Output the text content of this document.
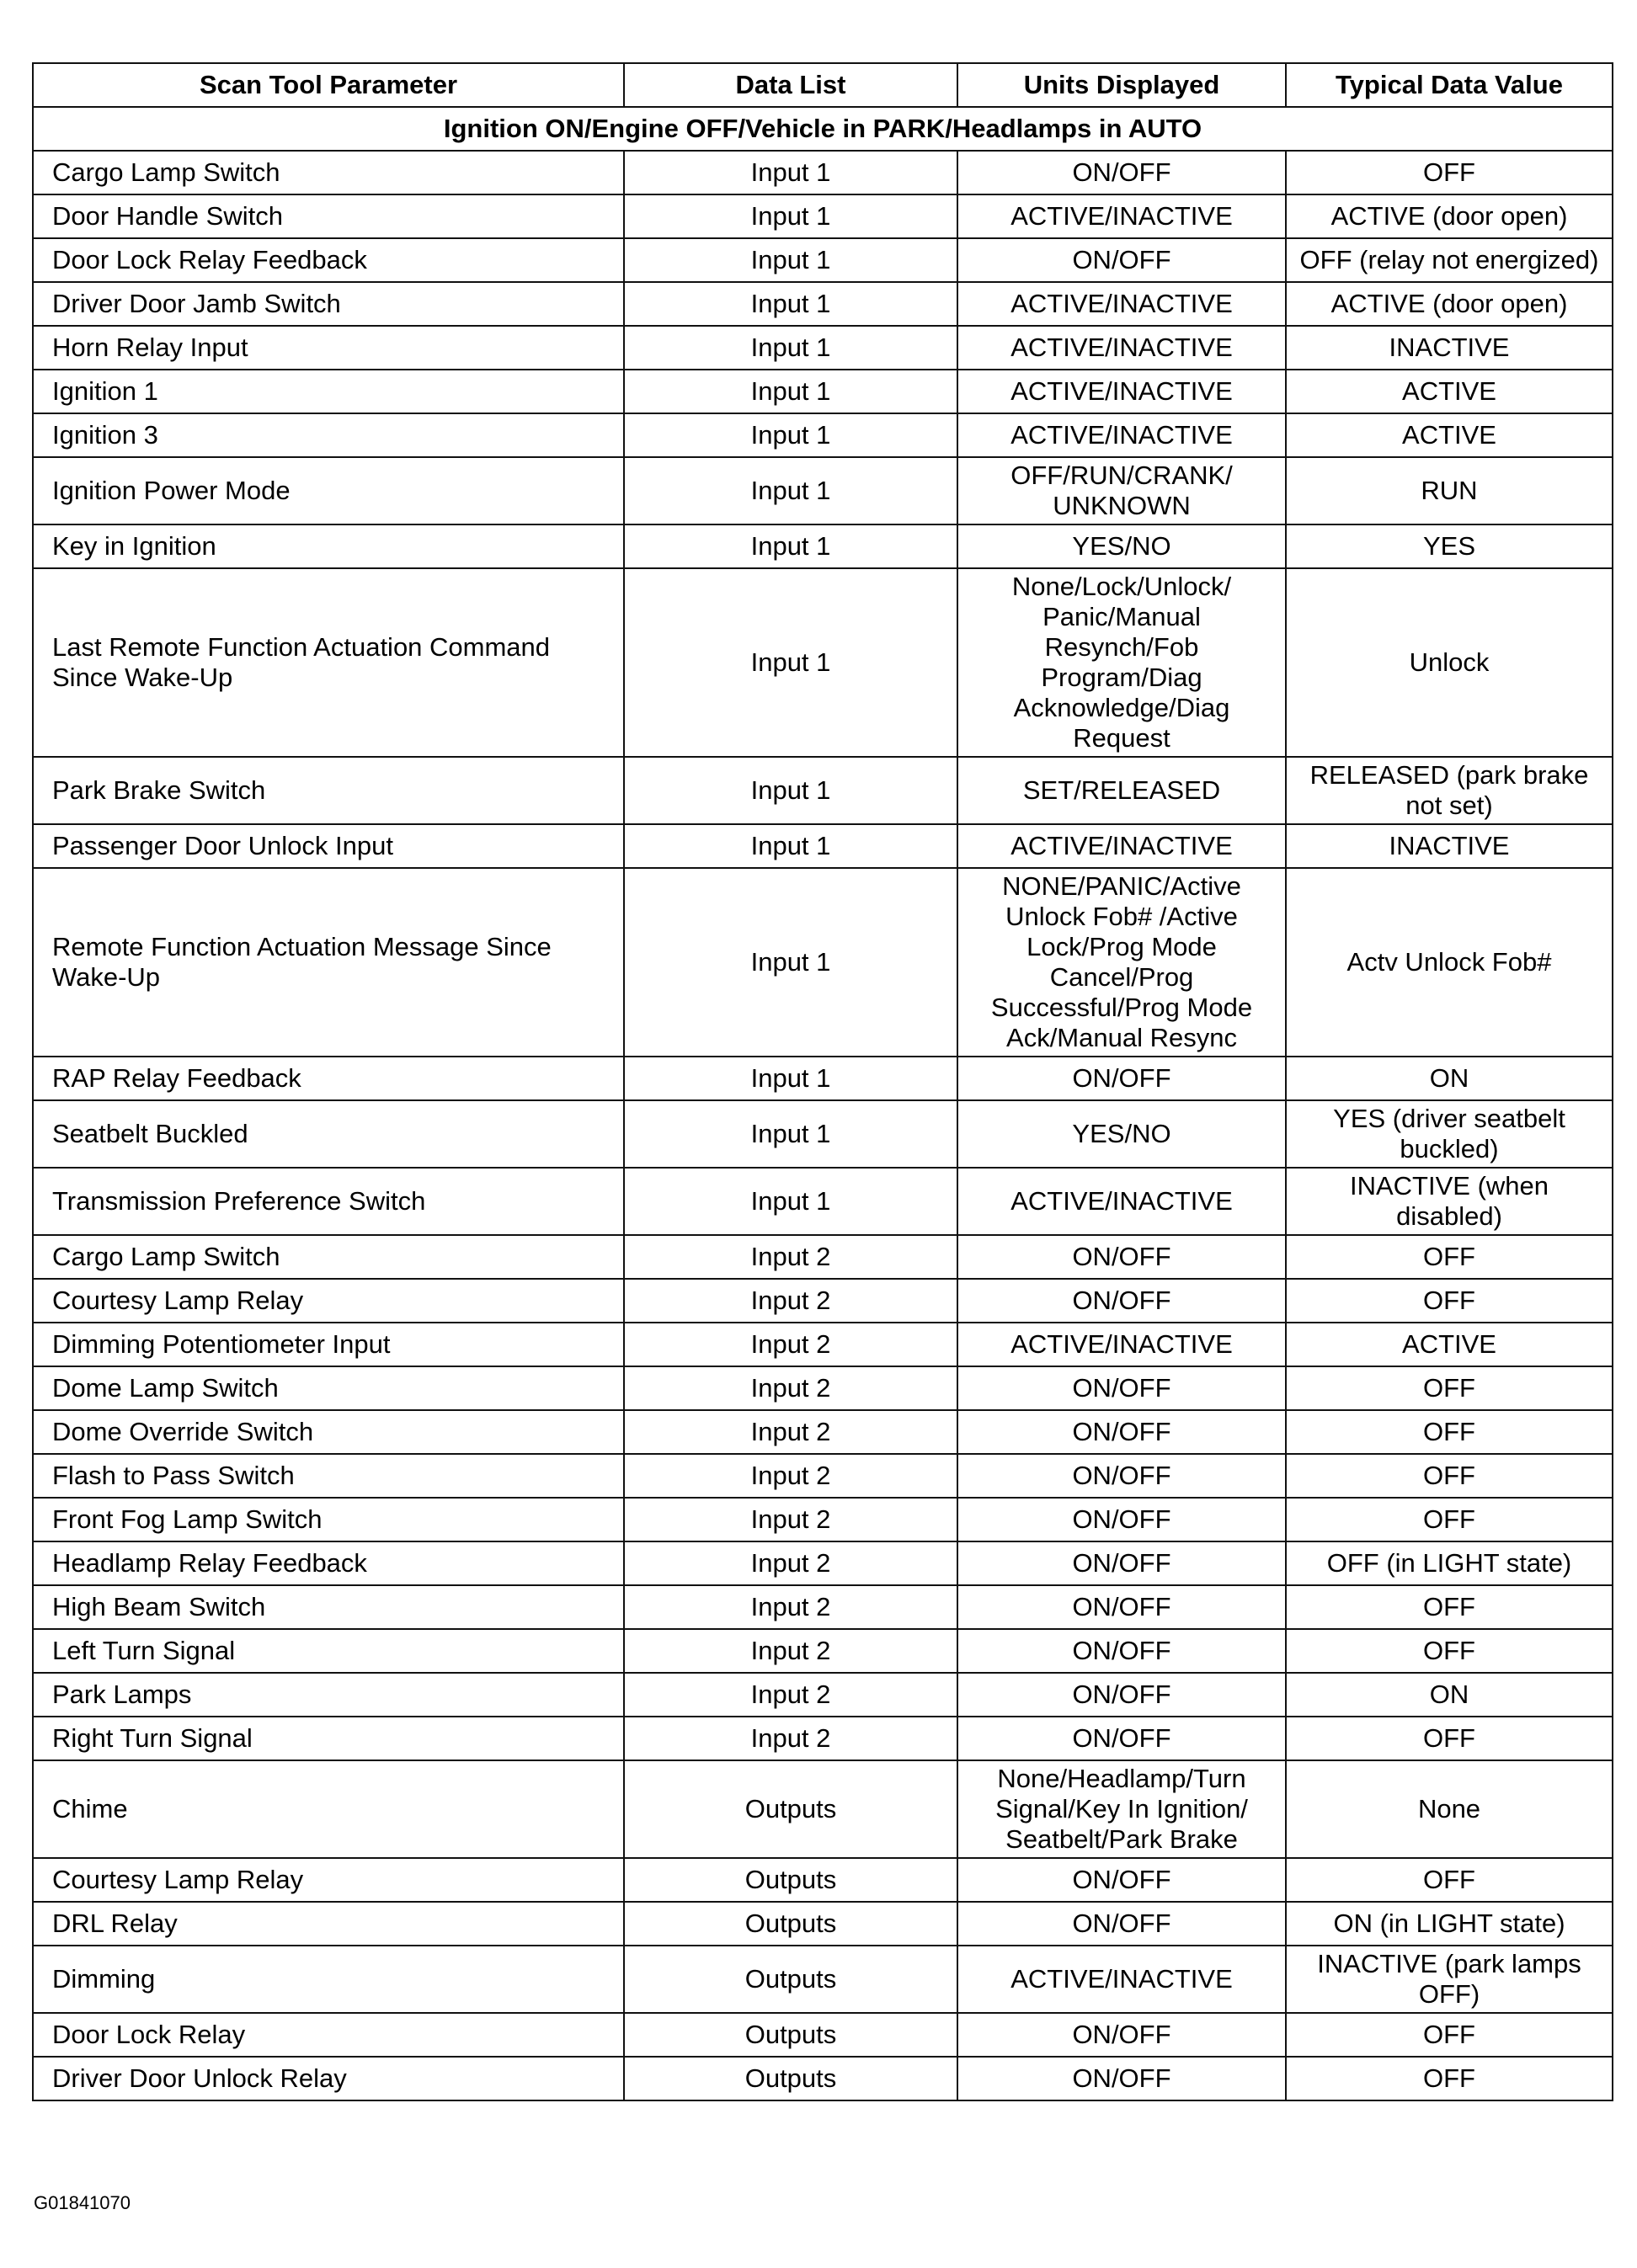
Scan Tool Parameter	Data List	Units Displayed	Typical Data Value
Ignition ON/Engine OFF/Vehicle in PARK/Headlamps in AUTO			
Cargo Lamp Switch	Input 1	ON/OFF	OFF
Door Handle Switch	Input 1	ACTIVE/INACTIVE	ACTIVE (door open)
Door Lock Relay Feedback	Input 1	ON/OFF	OFF (relay not energized)
Driver Door Jamb Switch	Input 1	ACTIVE/INACTIVE	ACTIVE (door open)
Horn Relay Input	Input 1	ACTIVE/INACTIVE	INACTIVE
Ignition 1	Input 1	ACTIVE/INACTIVE	ACTIVE
Ignition 3	Input 1	ACTIVE/INACTIVE	ACTIVE
Ignition Power Mode	Input 1	OFF/RUN/CRANK/ UNKNOWN	RUN
Key in Ignition	Input 1	YES/NO	YES
Last Remote Function Actuation Command Since Wake-Up	Input 1	None/Lock/Unlock/ Panic/Manual Resynch/Fob Program/Diag Acknowledge/Diag Request	Unlock
Park Brake Switch	Input 1	SET/RELEASED	RELEASED (park brake not set)
Passenger Door Unlock Input	Input 1	ACTIVE/INACTIVE	INACTIVE
Remote Function Actuation Message Since Wake-Up	Input 1	NONE/PANIC/Active Unlock Fob# /Active Lock/Prog Mode Cancel/Prog Successful/Prog Mode Ack/Manual Resync	Actv Unlock Fob#
RAP Relay Feedback	Input 1	ON/OFF	ON
Seatbelt Buckled	Input 1	YES/NO	YES (driver seatbelt buckled)
Transmission Preference Switch	Input 1	ACTIVE/INACTIVE	INACTIVE (when disabled)
Cargo Lamp Switch	Input 2	ON/OFF	OFF
Courtesy Lamp Relay	Input 2	ON/OFF	OFF
Dimming Potentiometer Input	Input 2	ACTIVE/INACTIVE	ACTIVE
Dome Lamp Switch	Input 2	ON/OFF	OFF
Dome Override Switch	Input 2	ON/OFF	OFF
Flash to Pass Switch	Input 2	ON/OFF	OFF
Front Fog Lamp Switch	Input 2	ON/OFF	OFF
Headlamp Relay Feedback	Input 2	ON/OFF	OFF (in LIGHT state)
High Beam Switch	Input 2	ON/OFF	OFF
Left Turn Signal	Input 2	ON/OFF	OFF
Park Lamps	Input 2	ON/OFF	ON
Right Turn Signal	Input 2	ON/OFF	OFF
Chime	Outputs	None/Headlamp/Turn Signal/Key In Ignition/ Seatbelt/Park Brake	None
Courtesy Lamp Relay	Outputs	ON/OFF	OFF
DRL Relay	Outputs	ON/OFF	ON (in LIGHT state)
Dimming	Outputs	ACTIVE/INACTIVE	INACTIVE (park lamps OFF)
Door Lock Relay	Outputs	ON/OFF	OFF
Driver Door Unlock Relay	Outputs	ON/OFF	OFF
G01841070
